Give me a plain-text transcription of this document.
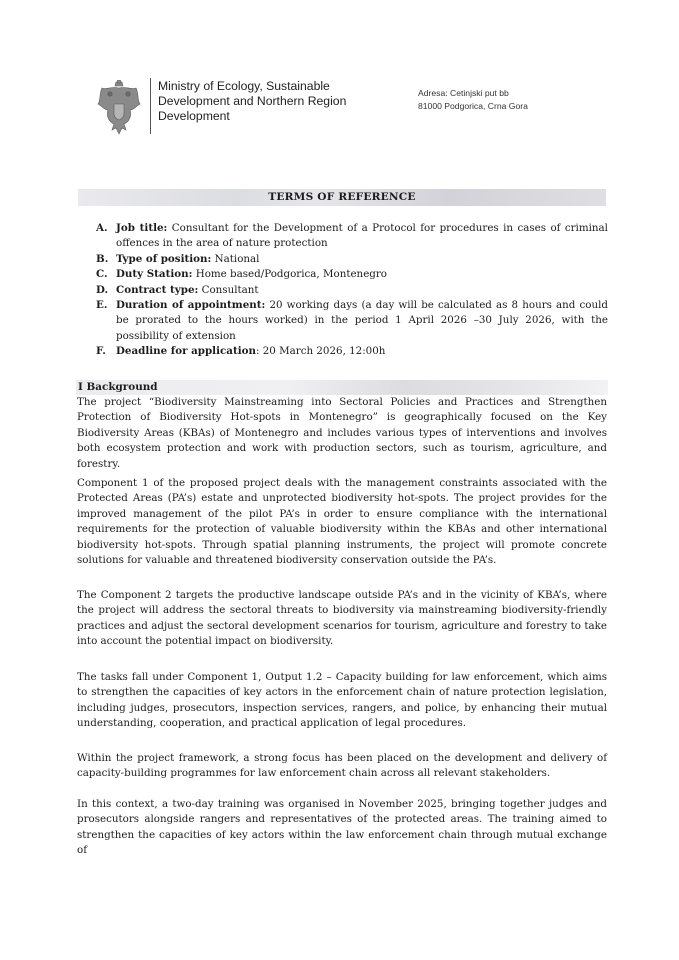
Ministry of Ecology, Sustainable Development and Northern Region Development
Adresa: Cetinjski put bb
81000 Podgorica, Crna Gora
TERMS OF REFERENCE
A. Job title: Consultant for the Development of a Protocol for procedures in cases of criminal offences in the area of nature protection
B. Type of position: National
C. Duty Station: Home based/Podgorica, Montenegro
D. Contract type: Consultant
E. Duration of appointment: 20 working days (a day will be calculated as 8 hours and could be prorated to the hours worked) in the period 1 April 2026 –30 July 2026, with the possibility of extension
F. Deadline for application: 20 March 2026, 12:00h
I Background
The project “Biodiversity Mainstreaming into Sectoral Policies and Practices and Strengthen Protection of Biodiversity Hot-spots in Montenegro” is geographically focused on the Key Biodiversity Areas (KBAs) of Montenegro and includes various types of interventions and involves both ecosystem protection and work with production sectors, such as tourism, agriculture, and forestry.
Component 1 of the proposed project deals with the management constraints associated with the Protected Areas (PA’s) estate and unprotected biodiversity hot-spots. The project provides for the improved management of the pilot PA’s in order to ensure compliance with the international requirements for the protection of valuable biodiversity within the KBAs and other international biodiversity hot-spots. Through spatial planning instruments, the project will promote concrete solutions for valuable and threatened biodiversity conservation outside the PA’s.
The Component 2 targets the productive landscape outside PA’s and in the vicinity of KBA’s, where the project will address the sectoral threats to biodiversity via mainstreaming biodiversity-friendly practices and adjust the sectoral development scenarios for tourism, agriculture and forestry to take into account the potential impact on biodiversity.
The tasks fall under Component 1, Output 1.2 – Capacity building for law enforcement, which aims to strengthen the capacities of key actors in the enforcement chain of nature protection legislation, including judges, prosecutors, inspection services, rangers, and police, by enhancing their mutual understanding, cooperation, and practical application of legal procedures.
Within the project framework, a strong focus has been placed on the development and delivery of capacity-building programmes for law enforcement chain across all relevant stakeholders.
In this context, a two-day training was organised in November 2025, bringing together judges and prosecutors alongside rangers and representatives of the protected areas. The training aimed to strengthen the capacities of key actors within the law enforcement chain through mutual exchange of
